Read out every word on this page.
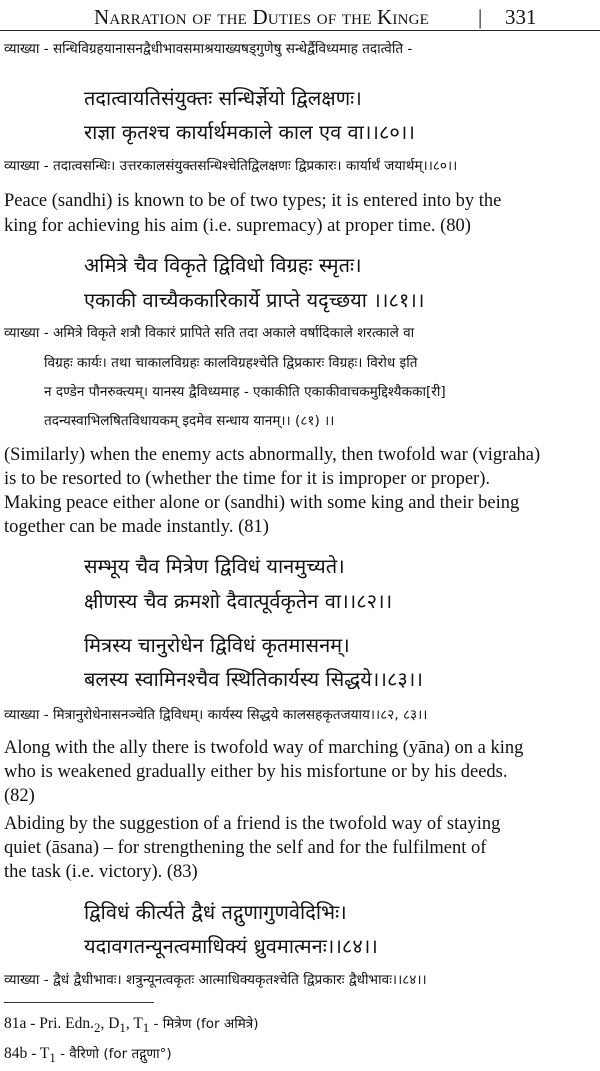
Narration of the Duties of the Kinge | 331
व्याख्या - सन्धिविग्रहयानासनद्वैधीभावसमाश्रयाख्यषड्गुणेषु सन्धेर्द्वैविध्यमाह तदात्वेति -
तदात्वायतिसंयुक्तः सन्धिर्ज्ञेयो द्विलक्षणः।
राज्ञा कृतश्च कार्यार्थमकाले काल एव वा।।८०।।
व्याख्या - तदात्वसन्धिः। उत्तरकालसंयुक्तसन्धिश्चेतिद्विलक्षणः द्विप्रकारः। कार्यार्थं जयार्थम्।।८०।।
Peace (sandhi) is known to be of two types; it is entered into by the
king for achieving his aim (i.e. supremacy) at proper time. (80)
अमित्रे चैव विकृते द्विविधो विग्रहः स्मृतः।
एकाकी वाच्यैककारिकार्ये प्राप्ते यदृच्छया ।।८१।।
व्याख्या - अमित्रे विकृते शत्रौ विकारं प्रापिते सति तदा अकाले वर्षादिकाले शरत्काले वा
विग्रहः कार्यः। तथा चाकालविग्रहः कालविग्रहश्चेति द्विप्रकारः विग्रहः। विरोध इति
न दण्डेन पौनरुक्त्यम्। यानस्य द्वैविध्यमाह - एकाकीति एकाकीवाचकमुद्दिश्यैकका[री]
तदन्यस्वाभिलषितविधायकम् इदमेव सन्धाय यानम्।। (८१) ।।
(Similarly) when the enemy acts abnormally, then twofold war (vigraha)
is to be resorted to (whether the time for it is improper or proper).
Making peace either alone or (sandhi) with some king and their being
together can be made instantly. (81)
सम्भूय चैव मित्रेण द्विविधं यानमुच्यते।
क्षीणस्य चैव क्रमशो दैवात्पूर्वकृतेन वा।।८२।।
मित्रस्य चानुरोधेन द्विविधं कृतमासनम्।
बलस्य स्वामिनश्चैव स्थितिकार्यस्य सिद्धये।।८३।।
व्याख्या - मित्रानुरोधेनासनञ्चेति द्विविधम्। कार्यस्य सिद्धये कालसहकृतजयाय।।८२, ८३।।
Along with the ally there is twofold way of marching (yāna) on a king
who is weakened gradually either by his misfortune or by his deeds.
(82)
Abiding by the suggestion of a friend is the twofold way of staying
quiet (āsana) – for strengthening the self and for the fulfilment of
the task (i.e. victory). (83)
द्विविधं कीर्त्यते द्वैधं तद्गुणागुणवेदिभिः।
यदावगतन्यूनत्वमाधिक्यं ध्रुवमात्मनः।।८४।।
व्याख्या - द्वैधं द्वैधीभावः। शत्रुन्यूनत्वकृतः आत्माधिक्यकृतश्चेति द्विप्रकारः द्वैधीभावः।।८४।।
81a - Pri. $Edn._2$, $D_1$, $T_1$ - मित्रेण (for अमित्रे)
$84b - T_1$ - वैरिणो (for तद्गुणा°)
